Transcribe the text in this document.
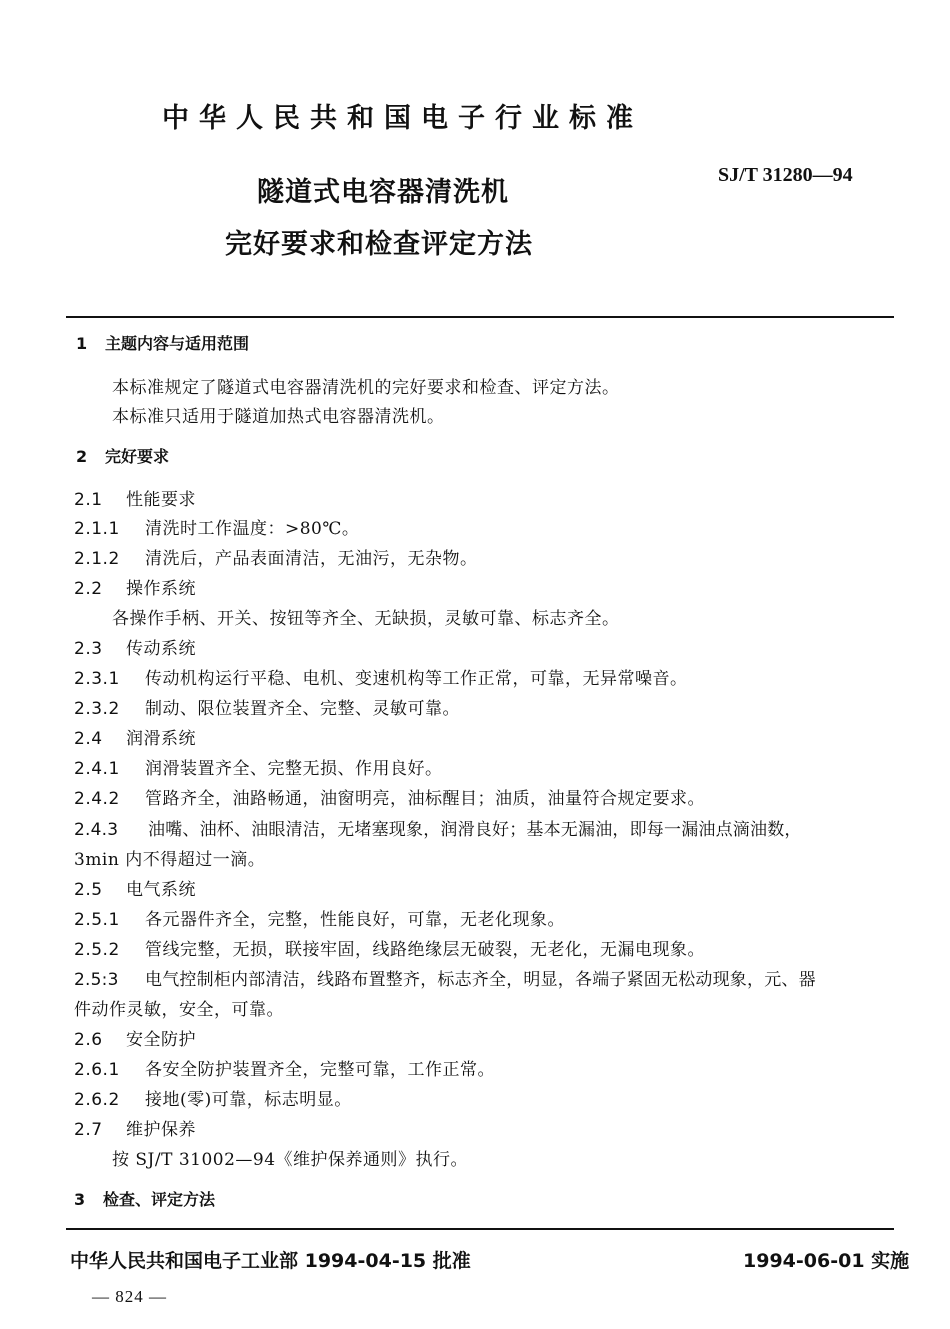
中华人民共和国电子行业标准
隧道式电容器清洗机
完好要求和检查评定方法
SJ/T 31280—94
1 主题内容与适用范围
本标准规定了隧道式电容器清洗机的完好要求和检查、评定方法。
本标准只适用于隧道加热式电容器清洗机。
2 完好要求
2.1 性能要求
2.1.1 清洗时工作温度：>80℃。
2.1.2 清洗后，产品表面清洁，无油污，无杂物。
2.2 操作系统
各操作手柄、开关、按钮等齐全、无缺损，灵敏可靠、标志齐全。
2.3 传动系统
2.3.1 传动机构运行平稳、电机、变速机构等工作正常，可靠，无异常噪音。
2.3.2 制动、限位装置齐全、完整、灵敏可靠。
2.4 润滑系统
2.4.1 润滑装置齐全、完整无损、作用良好。
2.4.2 管路齐全，油路畅通，油窗明亮，油标醒目；油质，油量符合规定要求。
2.4.3 油嘴、油杯、油眼清洁，无堵塞现象，润滑良好；基本无漏油，即每一漏油点滴油数，
3min 内不得超过一滴。
2.5 电气系统
2.5.1 各元器件齐全，完整，性能良好，可靠，无老化现象。
2.5.2 管线完整，无损，联接牢固，线路绝缘层无破裂，无老化，无漏电现象。
2.5:3 电气控制柜内部清洁，线路布置整齐，标志齐全，明显，各端子紧固无松动现象，元、器
件动作灵敏，安全，可靠。
2.6 安全防护
2.6.1 各安全防护装置齐全，完整可靠，工作正常。
2.6.2 接地(零)可靠，标志明显。
2.7 维护保养
按 SJ/T 31002—94《维护保养通则》执行。
3 检查、评定方法
中华人民共和国电子工业部 1994-04-15 批准	1994-06-01 实施
— 824 —
